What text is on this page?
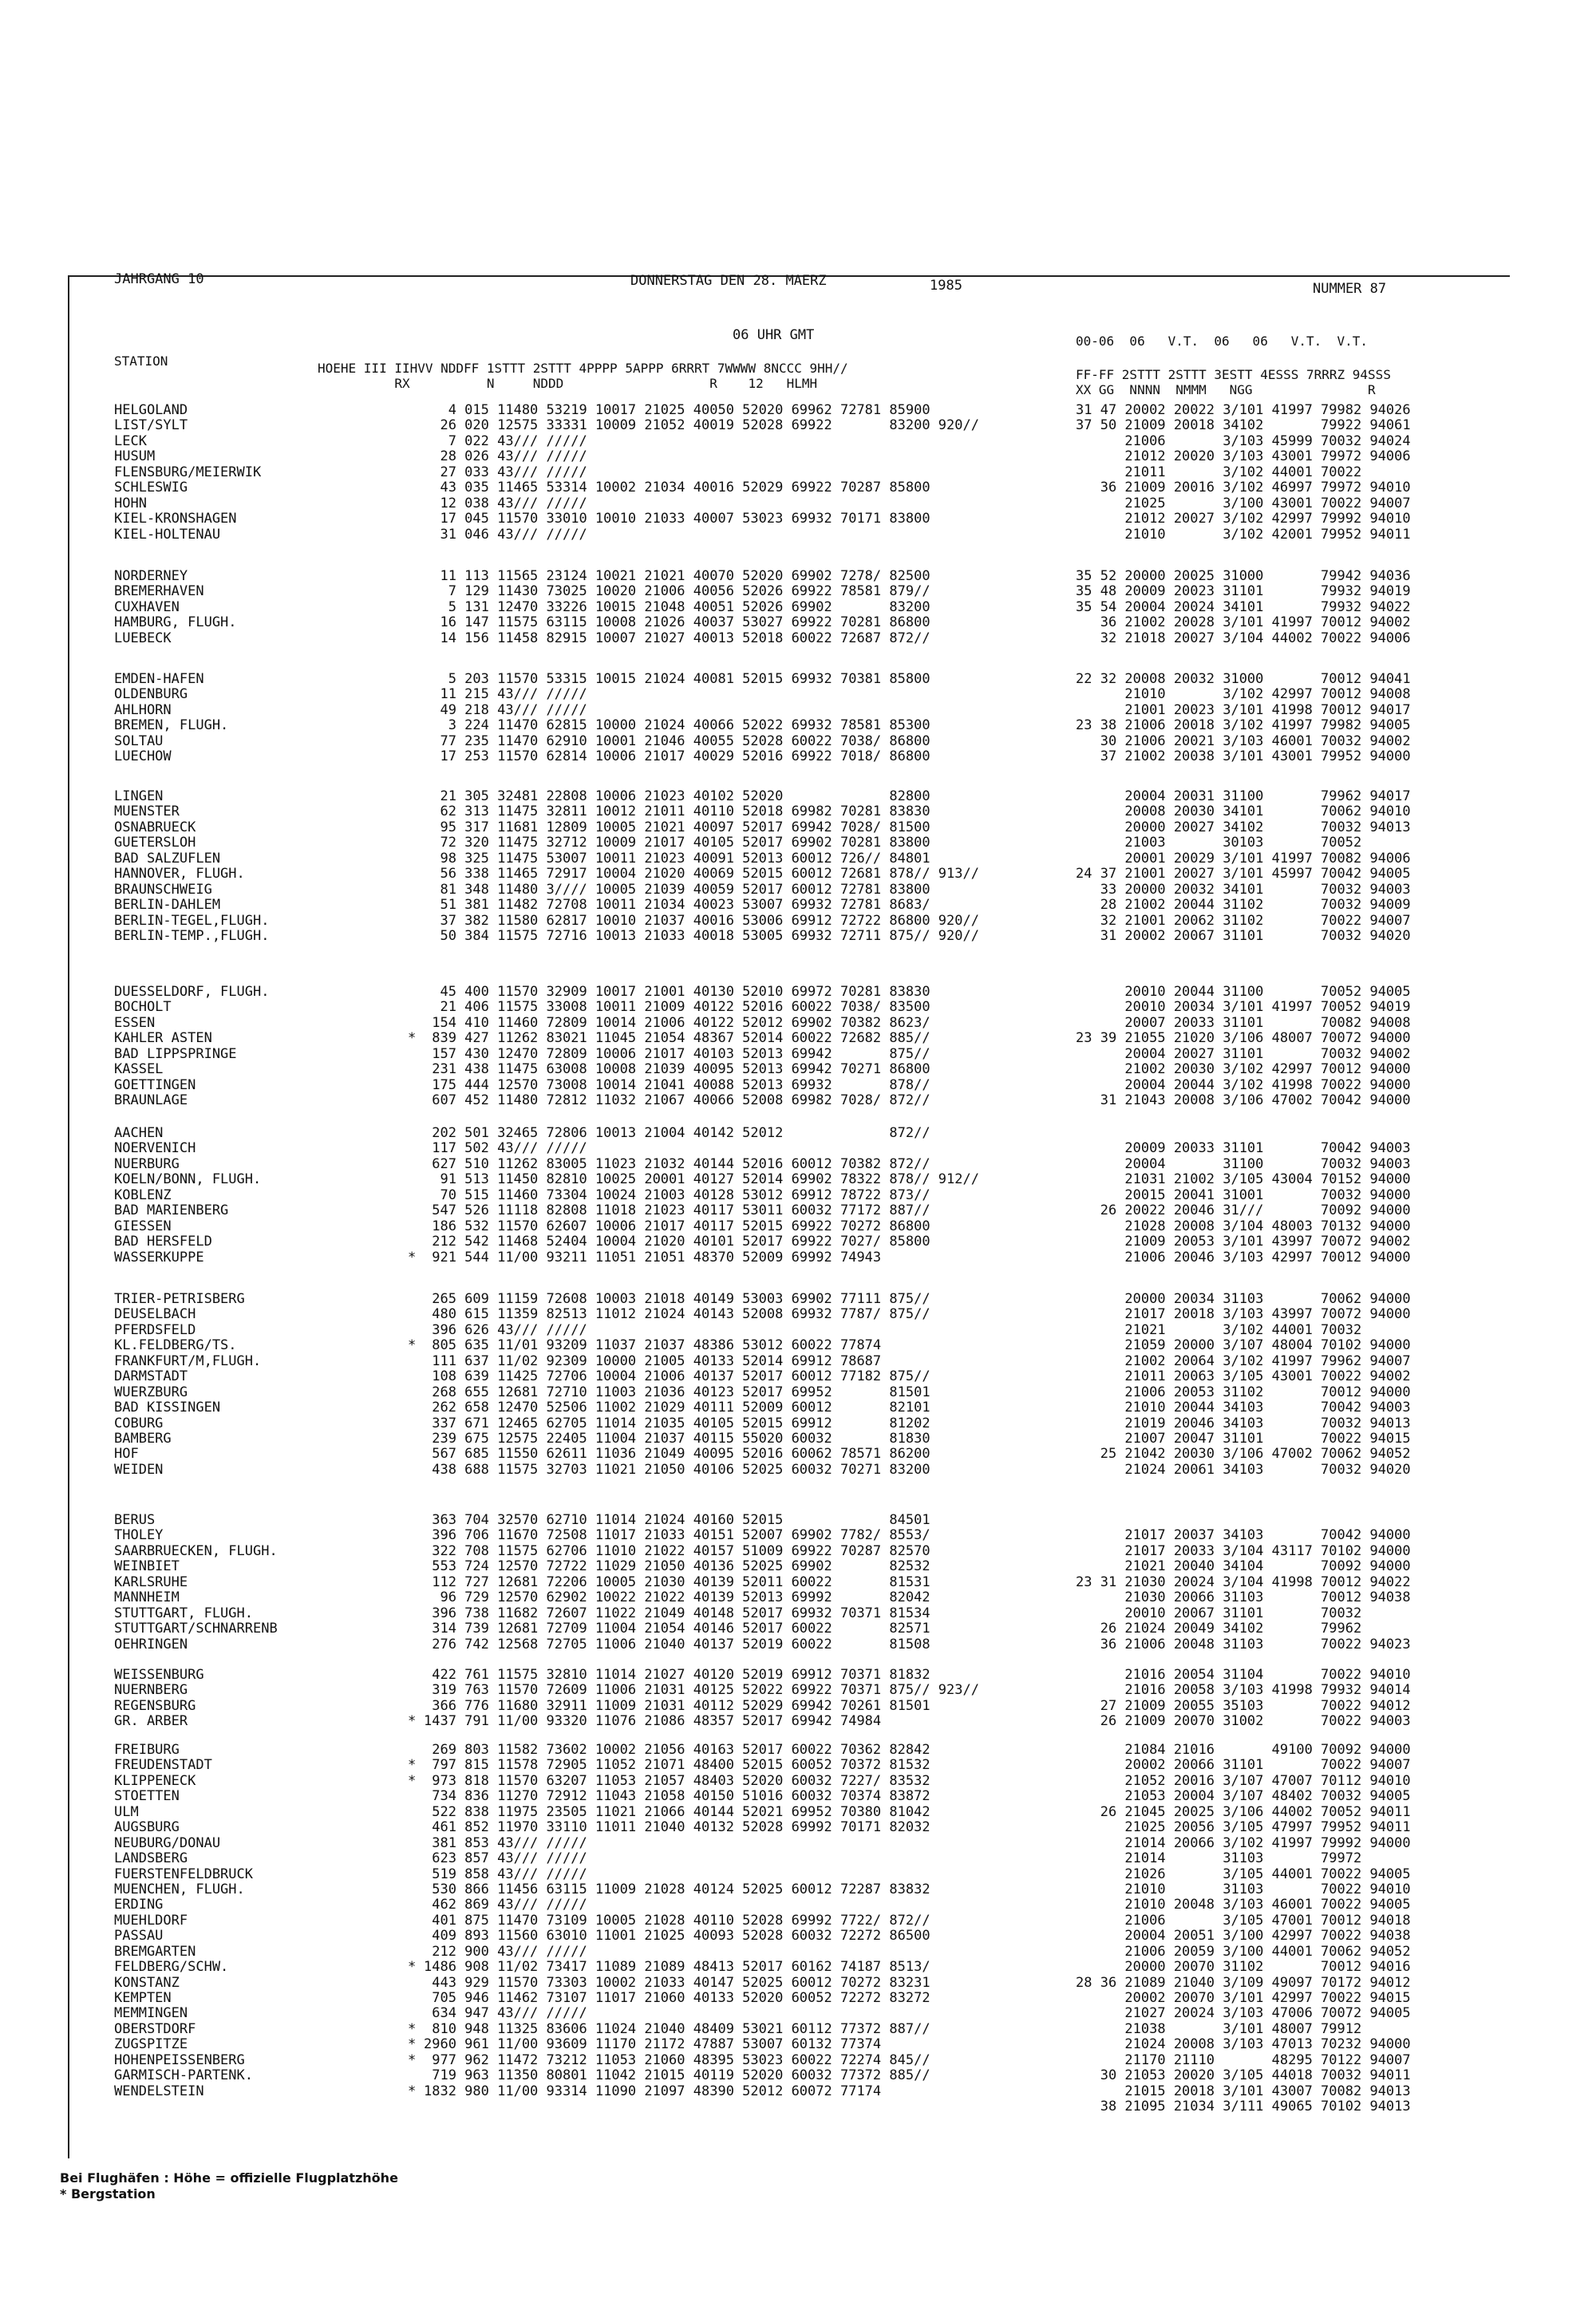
JAHRGANG 10	DONNERSTAG DEN 28. MAERZ	1985	NUMMER 87
06 UHR GMT	00-06  06   V.T.  06   06   V.T.  V.T.
STATION	HOEHE III IIHVV NDDFF 1STTT 2STTT 4PPPP 5APPP 6RRRT 7WWWW 8NCCC 9HH//
RX          N     NDDD                   R    12   HLMH
FF-FF 2STTT 2STTT 3ESTT 4ESSS 7RRRZ 94SSS
XX GG  NNNN  NMMM   NGG               R
HELGOLAND	4 015 11480 53219 10017 21025 40050 52020 69962 72781 85900	31 47 20002 20022 3/101 41997 79982 94026
LIST/SYLT	26 020 12575 33331 10009 21052 40019 52028 69922       83200 920//	37 50 21009 20018 34102       79922 94061
LECK	7 022 43/// /////	21006       3/103 45999 70032 94024
HUSUM	28 026 43/// /////	21012 20020 3/103 43001 79972 94006
FLENSBURG/MEIERWIK	27 033 43/// /////	21011       3/102 44001 70022
SCHLESWIG	43 035 11465 53314 10002 21034 40016 52029 69922 70287 85800	36 21009 20016 3/102 46997 79972 94010
HOHN	12 038 43/// /////	21025       3/100 43001 70022 94007
KIEL-KRONSHAGEN	17 045 11570 33010 10010 21033 40007 53023 69932 70171 83800	21012 20027 3/102 42997 79992 94010
KIEL-HOLTENAU	31 046 43/// /////	21010       3/102 42001 79952 94011
NORDERNEY	11 113 11565 23124 10021 21021 40070 52020 69902 7278/ 82500	35 52 20000 20025 31000       79942 94036
BREMERHAVEN	7 129 11430 73025 10020 21006 40056 52026 69922 78581 879//	35 48 20009 20023 31101       79932 94019
CUXHAVEN	5 131 12470 33226 10015 21048 40051 52026 69902       83200	35 54 20004 20024 34101       79932 94022
HAMBURG, FLUGH.	16 147 11575 63115 10008 21026 40037 53027 69922 70281 86800	36 21002 20028 3/101 41997 70012 94002
LUEBECK	14 156 11458 82915 10007 21027 40013 52018 60022 72687 872//	32 21018 20027 3/104 44002 70022 94006
EMDEN-HAFEN	5 203 11570 53315 10015 21024 40081 52015 69932 70381 85800	22 32 20008 20032 31000       70012 94041
OLDENBURG	11 215 43/// /////	21010       3/102 42997 70012 94008
AHLHORN	49 218 43/// /////	21001 20023 3/101 41998 70012 94017
BREMEN, FLUGH.	3 224 11470 62815 10000 21024 40066 52022 69932 78581 85300	23 38 21006 20018 3/102 41997 79982 94005
SOLTAU	77 235 11470 62910 10001 21046 40055 52028 60022 7038/ 86800	30 21006 20021 3/103 46001 70032 94002
LUECHOW	17 253 11570 62814 10006 21017 40029 52016 69922 7018/ 86800	37 21002 20038 3/101 43001 79952 94000
LINGEN	21 305 32481 22808 10006 21023 40102 52020             82800	20004 20031 31100       79962 94017
MUENSTER	62 313 11475 32811 10012 21011 40110 52018 69982 70281 83830	20008 20030 34101       70062 94010
OSNABRUECK	95 317 11681 12809 10005 21021 40097 52017 69942 7028/ 81500	20000 20027 34102       70032 94013
GUETERSLOH	72 320 11475 32712 10009 21017 40105 52017 69902 70281 83800	21003       30103       70052
BAD SALZUFLEN	98 325 11475 53007 10011 21023 40091 52013 60012 726// 84801	20001 20029 3/101 41997 70082 94006
HANNOVER, FLUGH.	56 338 11465 72917 10004 21020 40069 52015 60012 72681 878// 913//	24 37 21001 20027 3/101 45997 70042 94005
BRAUNSCHWEIG	81 348 11480 3//// 10005 21039 40059 52017 60012 72781 83800	33 20000 20032 34101       70032 94003
BERLIN-DAHLEM	51 381 11482 72708 10011 21034 40023 53007 69932 72781 8683/	28 21002 20044 31102       70032 94009
BERLIN-TEGEL,FLUGH.	37 382 11580 62817 10010 21037 40016 53006 69912 72722 86800 920//	32 21001 20062 31102       70022 94007
BERLIN-TEMP.,FLUGH.	50 384 11575 72716 10013 21033 40018 53005 69932 72711 875// 920//	31 20002 20067 31101       70032 94020
DUESSELDORF, FLUGH.	45 400 11570 32909 10017 21001 40130 52010 69972 70281 83830	20010 20044 31100       70052 94005
BOCHOLT	21 406 11575 33008 10011 21009 40122 52016 60022 7038/ 83500	20010 20034 3/101 41997 70052 94019
ESSEN	154 410 11460 72809 10014 21006 40122 52012 69902 70382 8623/	20007 20033 31101       70082 94008
KAHLER ASTEN	* 839 427 11262 83021 11045 21054 48367 52014 60022 72682 885//	23 39 21055 21020 3/106 48007 70072 94000
BAD LIPPSPRINGE	157 430 12470 72809 10006 21017 40103 52013 69942       875//	20004 20027 31101       70032 94002
KASSEL	231 438 11475 63008 10008 21039 40095 52013 69942 70271 86800	21002 20030 3/102 42997 70012 94000
GOETTINGEN	175 444 12570 73008 10014 21041 40088 52013 69932       878//	20004 20044 3/102 41998 70022 94000
BRAUNLAGE	607 452 11480 72812 11032 21067 40066 52008 69982 7028/ 872//	31 21043 20008 3/106 47002 70042 94000
AACHEN	202 501 32465 72806 10013 21004 40142 52012             872//
NOERVENICH	117 502 43/// /////	20009 20033 31101       70042 94003
NUERBURG	627 510 11262 83005 11023 21032 40144 52016 60012 70382 872//	20004       31100       70032 94003
KOELN/BONN, FLUGH.	91 513 11450 82810 10025 20001 40127 52014 69902 78322 878// 912//	21031 21002 3/105 43004 70152 94000
KOBLENZ	70 515 11460 73304 10024 21003 40128 53012 69912 78722 873//	20015 20041 31001       70032 94000
BAD MARIENBERG	547 526 11118 82808 11018 21023 40117 53011 60032 77172 887//	26 20022 20046 31///       70092 94000
GIESSEN	186 532 11570 62607 10006 21017 40117 52015 69922 70272 86800	21028 20008 3/104 48003 70132 94000
BAD HERSFELD	212 542 11468 52404 10004 21020 40101 52017 69922 7027/ 85800	21009 20053 3/101 43997 70072 94002
WASSERKUPPE	* 921 544 11/00 93211 11051 21051 48370 52009 69992 74943	21006 20046 3/103 42997 70012 94000
TRIER-PETRISBERG	265 609 11159 72608 10003 21018 40149 53003 69902 77111 875//	20000 20034 31103       70062 94000
DEUSELBACH	480 615 11359 82513 11012 21024 40143 52008 69932 7787/ 875//	21017 20018 3/103 43997 70072 94000
PFERDSFELD	396 626 43/// /////	21021       3/102 44001 70032
KL.FELDBERG/TS.	* 805 635 11/01 93209 11037 21037 48386 53012 60022 77874	21059 20000 3/107 48004 70102 94000
FRANKFURT/M,FLUGH.	111 637 11/02 92309 10000 21005 40133 52014 69912 78687	21002 20064 3/102 41997 79962 94007
DARMSTADT	108 639 11425 72706 10004 21006 40137 52017 60012 77182 875//	21011 20063 3/105 43001 70022 94002
WUERZBURG	268 655 12681 72710 11003 21036 40123 52017 69952       81501	21006 20053 31102       70012 94000
BAD KISSINGEN	262 658 12470 52506 11002 21029 40111 52009 60012       82101	21010 20044 34103       70042 94003
COBURG	337 671 12465 62705 11014 21035 40105 52015 69912       81202	21019 20046 34103       70032 94013
BAMBERG	239 675 12575 22405 11004 21037 40115 55020 60032       81830	21007 20047 31101       70022 94015
HOF	567 685 11550 62611 11036 21049 40095 52016 60062 78571 86200	25 21042 20030 3/106 47002 70062 94052
WEIDEN	438 688 11575 32703 11021 21050 40106 52025 60032 70271 83200	21024 20061 34103       70032 94020
BERUS	363 704 32570 62710 11014 21024 40160 52015             84501
THOLEY	396 706 11670 72508 11017 21033 40151 52007 69902 7782/ 8553/	21017 20037 34103       70042 94000
SAARBRUECKEN, FLUGH.	322 708 11575 62706 11010 21022 40157 51009 69922 70287 82570	21017 20033 3/104 43117 70102 94000
WEINBIET	553 724 12570 72722 11029 21050 40136 52025 69902       82532	21021 20040 34104       70092 94000
KARLSRUHE	112 727 12681 72206 10005 21030 40139 52011 60022       81531	23 31 21030 20024 3/104 41998 70012 94022
MANNHEIM	96 729 12570 62902 10022 21022 40139 52013 69992       82042	21030 20066 31103       70012 94038
STUTTGART, FLUGH.	396 738 11682 72607 11022 21049 40148 52017 69932 70371 81534	20010 20067 31101       70032
STUTTGART/SCHNARRENB	314 739 12681 72709 11004 21054 40146 52017 60022       82571	26 21024 20049 34102       79962
OEHRINGEN	276 742 12568 72705 11006 21040 40137 52019 60022       81508	36 21006 20048 31103       70022 94023
WEISSENBURG	422 761 11575 32810 11014 21027 40120 52019 69912 70371 81832	21016 20054 31104       70022 94010
NUERNBERG	319 763 11570 72609 11006 21031 40125 52022 69922 70371 875// 923//	21016 20058 3/103 41998 79932 94014
REGENSBURG	366 776 11680 32911 11009 21031 40112 52029 69942 70261 81501	27 21009 20055 35103       70022 94012
GR. ARBER	* 1437 791 11/00 93320 11076 21086 48357 52017 69942 74984	26 21009 20070 31002       70022 94003
FREIBURG	269 803 11582 73602 10002 21056 40163 52017 60022 70362 82842	21084 21016       49100 70092 94000
FREUDENSTADT	* 797 815 11578 72905 11052 21071 48400 52015 60052 70372 81532	20002 20066 31101       70022 94007
KLIPPENECK	* 973 818 11570 63207 11053 21057 48403 52020 60032 7227/ 83532	21052 20016 3/107 47007 70112 94010
STOETTEN	734 836 11270 72912 11043 21058 40150 51016 60032 70374 83872	21053 20004 3/107 48402 70032 94005
ULM	522 838 11975 23505 11021 21066 40144 52021 69952 70380 81042	26 21045 20025 3/106 44002 70052 94011
AUGSBURG	461 852 11970 33110 11011 21040 40132 52028 69992 70171 82032	21025 20056 3/105 47997 79952 94011
NEUBURG/DONAU	381 853 43/// /////	21014 20066 3/102 41997 79992 94000
LANDSBERG	623 857 43/// /////	21014       31103       79972
FUERSTENFELDBRUCK	519 858 43/// /////	21026       3/105 44001 70022 94005
MUENCHEN, FLUGH.	530 866 11456 63115 11009 21028 40124 52025 60012 72287 83832	21010       31103       70022 94010
ERDING	462 869 43/// /////	21010 20048 3/103 46001 70022 94005
MUEHLDORF	401 875 11470 73109 10005 21028 40110 52028 69992 7722/ 872//	21006       3/105 47001 70012 94018
PASSAU	409 893 11560 63010 11001 21025 40093 52028 60032 72272 86500	20004 20051 3/100 42997 70022 94038
BREMGARTEN	212 900 43/// /////	21006 20059 3/100 44001 70062 94052
FELDBERG/SCHW.	* 1486 908 11/02 73417 11089 21089 48413 52017 60162 74187 8513/	20000 20070 31102       70012 94016
KONSTANZ	443 929 11570 73303 10002 21033 40147 52025 60012 70272 83231	28 36 21089 21040 3/109 49097 70172 94012
KEMPTEN	705 946 11462 73107 11017 21060 40133 52020 60052 72272 83272	20002 20070 3/101 42997 70022 94015
MEMMINGEN	634 947 43/// /////	21027 20024 3/103 47006 70072 94005
OBERSTDORF	* 810 948 11325 83606 11024 21040 48409 53021 60112 77372 887//	21038       3/101 48007 79912
ZUGSPITZE	* 2960 961 11/00 93609 11170 21172 47887 53007 60132 77374	21024 20008 3/103 47013 70232 94000
HOHENPEISSENBERG	* 977 962 11472 73212 11053 21060 48395 53023 60022 72274 845//	21170 21110       48295 70122 94007
GARMISCH-PARTENK.	719 963 11350 80801 11042 21015 40119 52020 60032 77372 885//	30 21053 20020 3/105 44018 70032 94011
WENDELSTEIN	* 1832 980 11/00 93314 11090 21097 48390 52012 60072 77174	21015 20018 3/101 43007 70082 94013
38 21095 21034 3/111 49065 70102 94013
Bei Flughäfen : Höhe = offizielle Flugplatzhöhe
* Bergstation
